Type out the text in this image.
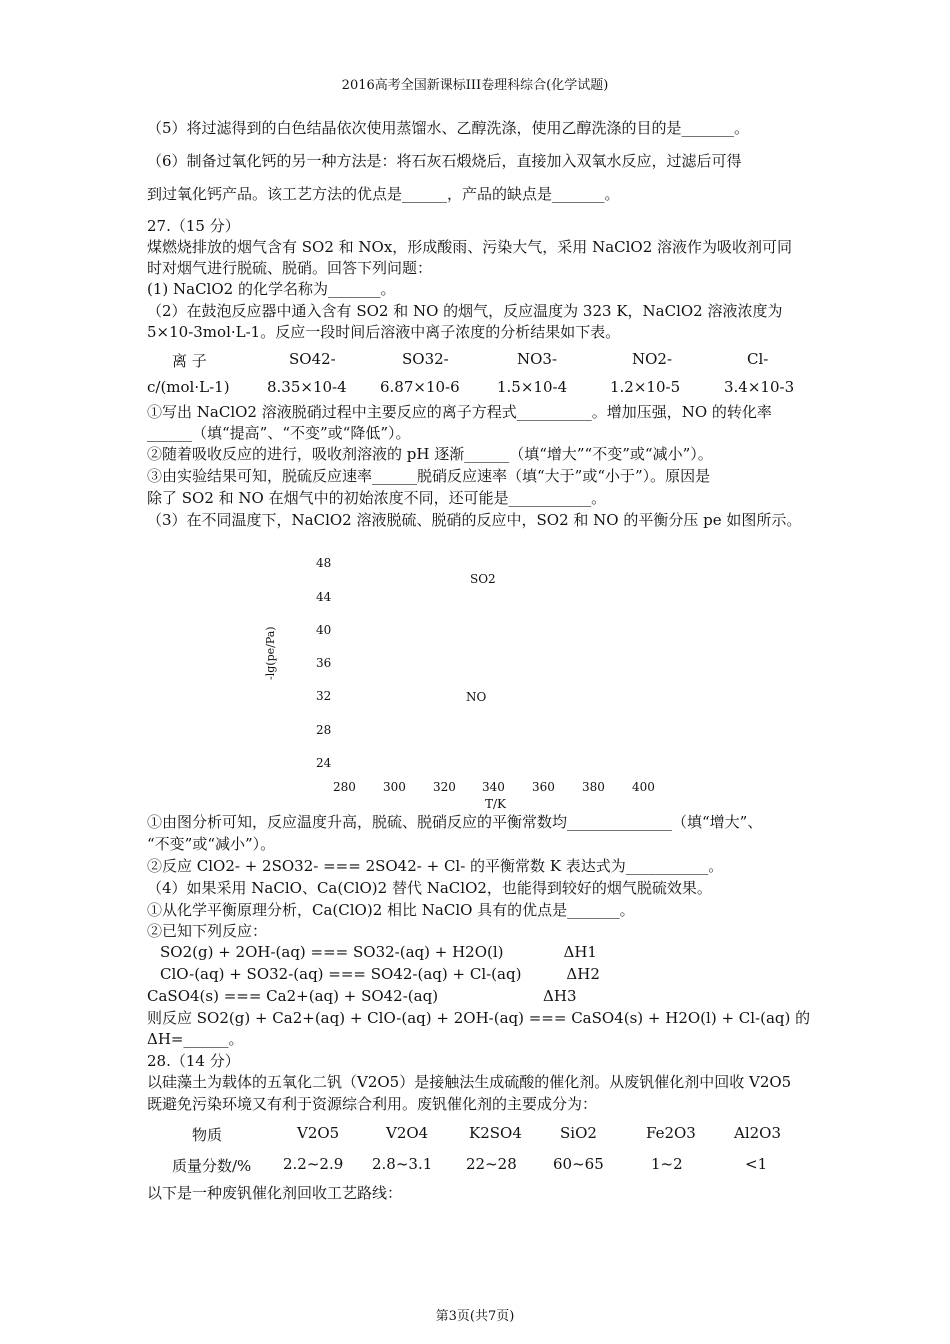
2016高考全国新课标III卷理科综合(化学试题)
（5）将过滤得到的白色结晶依次使用蒸馏水、乙醇洗涤，使用乙醇洗涤的目的是_______。
（6）制备过氧化钙的另一种方法是：将石灰石煅烧后，直接加入双氧水反应，过滤后可得
到过氧化钙产品。该工艺方法的优点是______，产品的缺点是_______。
27.（15 分）
煤燃烧排放的烟气含有 SO2 和 NOx，形成酸雨、污染大气，采用 NaClO2 溶液作为吸收剂可同
时对烟气进行脱硫、脱硝。回答下列问题：
(1) NaClO2 的化学名称为_______。
（2）在鼓泡反应器中通入含有 SO2 和 NO 的烟气，反应温度为 323 K，NaClO2 溶液浓度为
5×10-3mol·L-1。反应一段时间后溶液中离子浓度的分析结果如下表。
离 子	SO42-	SO32-	NO3-	NO2-	Cl-
c/(mol·L-1) 8.35×10-4 6.87×10-6 1.5×10-4	1.2×10-5	3.4×10-3
①写出 NaClO2 溶液脱硝过程中主要反应的离子方程式__________。增加压强，NO 的转化率
______（填“提高”、“不变”或“降低”）。
②随着吸收反应的进行，吸收剂溶液的 pH 逐渐______（填“增大”“不变”或“减小”）。
③由实验结果可知，脱硫反应速率______脱硝反应速率（填“大于”或“小于”）。原因是
除了 SO2 和 NO 在烟气中的初始浓度不同，还可能是___________。
（3）在不同温度下，NaClO2 溶液脱硫、脱硝的反应中，SO2 和 NO 的平衡分压 pe 如图所示。
SO2
NO
48
44
40
36
32
28
24
280 300 320 340 360 380 400
T/K
-lg(pe/Pa)
①由图分析可知，反应温度升高，脱硫、脱硝反应的平衡常数均______________（填“增大”、
“不变”或“减小”）。
②反应 ClO2- + 2SO32- === 2SO42- + Cl- 的平衡常数 K 表达式为___________。
（4）如果采用 NaClO、Ca(ClO)2 替代 NaClO2，也能得到较好的烟气脱硫效果。
①从化学平衡原理分析，Ca(ClO)2 相比 NaClO 具有的优点是_______。
②已知下列反应：
SO2(g) + 2OH-(aq) === SO32-(aq) + H2O(l)　　　　ΔH1
ClO-(aq) + SO32-(aq) === SO42-(aq) + Cl-(aq)　　　ΔH2
CaSO4(s) === Ca2+(aq) + SO42-(aq)　　　　　　　ΔH3
则反应 SO2(g) + Ca2+(aq) + ClO-(aq) + 2OH-(aq) === CaSO4(s) + H2O(l) + Cl-(aq) 的
ΔH=______。
28.（14 分）
以硅藻土为载体的五氧化二钒（V2O5）是接触法生成硫酸的催化剂。从废钒催化剂中回收 V2O5
既避免污染环境又有利于资源综合利用。废钒催化剂的主要成分为：
物质	V2O5	V2O4	K2SO4	SiO2	Fe2O3	Al2O3
质量分数/% 2.2~2.9 2.8~3.1 22~28 60~65	1~2	<1
以下是一种废钒催化剂回收工艺路线：
第3页(共7页)
